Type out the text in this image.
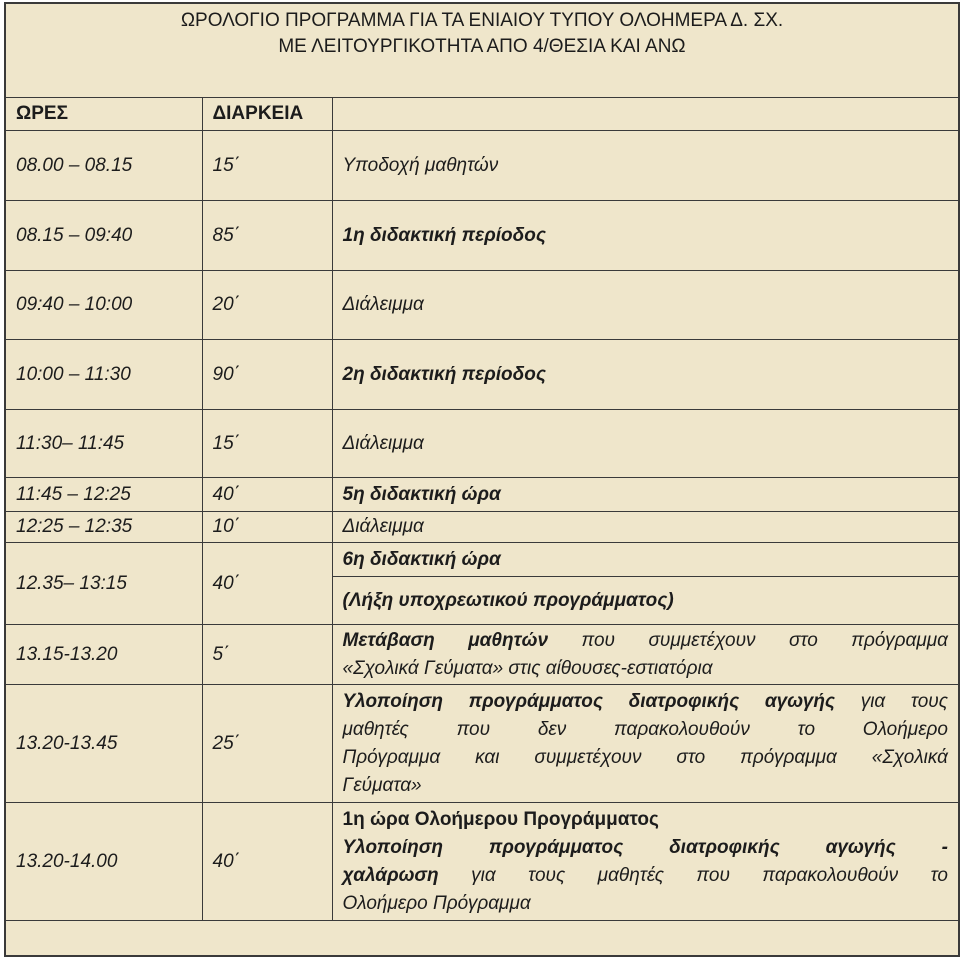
ΩΡΟΛΟΓΙΟ ΠΡΟΓΡΑΜΜΑ ΓΙΑ ΤΑ ΕΝΙΑΙΟΥ ΤΥΠΟΥ ΟΛΟΗΜΕΡΑ Δ. ΣΧ.
ΜΕ ΛΕΙΤΟΥΡΓΙΚΟΤΗΤΑ ΑΠΟ 4/ΘΕΣΙΑ ΚΑΙ ΑΝΩ
ΩΡΕΣ	ΔΙΑΡΚΕΙΑ	
08.00 – 08.15	15΄	Υποδοχή μαθητών
08.15 – 09:40	85΄	1η διδακτική περίοδος
09:40 – 10:00	20΄	Διάλειμμα
10:00 – 11:30	90΄	2η διδακτική περίοδος
11:30– 11:45	15΄	Διάλειμμα
11:45 – 12:25	40΄	5η διδακτική ώρα
12:25 – 12:35	10΄	Διάλειμμα
12.35– 13:15	40΄	6η διδακτική ώρα
		(Λήξη υποχρεωτικού προγράμματος)
13.15-13.20	5΄	Μετάβαση μαθητών που συμμετέχουν στο πρόγραμμα
«Σχολικά Γεύματα» στις αίθουσες-εστιατόρια

13.20-13.45	25΄	Υλοποίηση προγράμματος διατροφικής αγωγής για τους
μαθητές που δεν παρακολουθούν το Ολοήμερο
Πρόγραμμα και συμμετέχουν στο πρόγραμμα «Σχολικά
Γεύματα»

13.20-14.00	40΄	1η ώρα Ολοήμερου Προγράμματος
Υλοποίηση προγράμματος διατροφικής αγωγής -
χαλάρωση για τους μαθητές που παρακολουθούν το
Ολοήμερο Πρόγραμμα
